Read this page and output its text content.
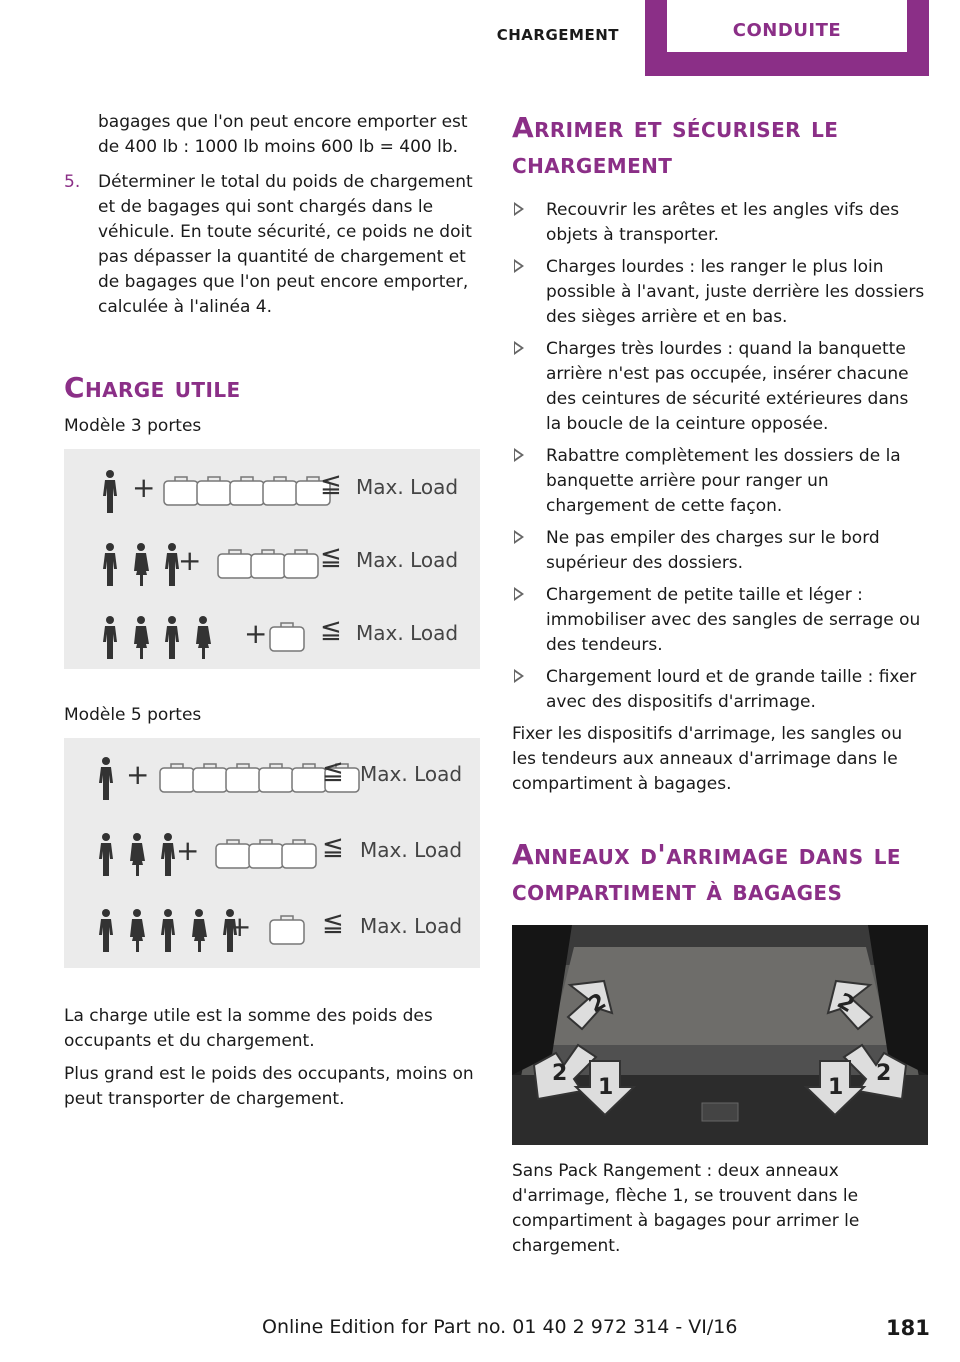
CHARGEMENT	CONDUITE

bagages que l'on peut encore emporter est de 400 lb : 1000 lb moins 600 lb = 400 lb.

5. Déterminer le total du poids de chargement et de bagages qui sont chargés dans le véhicule. En toute sécurité, ce poids ne doit pas dépasser la quantité de chargement et de bagages que l'on peut encore emporter, calculée à l'alinéa 4.
Charge utile

Modèle 3 portes

+
	≦ Max. Load

+
	≦ Max. Load

+ ≦ Max. Load

Modèle 5 portes

+
	≦ Max. Load

+
	≦ Max. Load

+	≦ Max. Load

La charge utile est la somme des poids des occupants et du chargement.

Plus grand est le poids des occupants, moins on peut transporter de chargement.

Arrimer et sécuriser le chargement
Recouvrir les arêtes et les angles vifs des objets à transporter.
Charges lourdes : les ranger le plus loin possible à l'avant, juste derrière les dossiers des sièges arrière et en bas.
Charges très lourdes : quand la banquette arrière n'est pas occupée, insérer chacune des ceintures de sécurité extérieures dans la boucle de la ceinture opposée.
Rabattre complètement les dossiers de la banquette arrière pour ranger un chargement de cette façon.
Ne pas empiler des charges sur le bord supérieur des dossiers.
Chargement de petite taille et léger : immobiliser avec des sangles de serrage ou des tendeurs.
Chargement lourd et de grande taille : fixer avec des dispositifs d'arrimage.

Fixer les dispositifs d'arrimage, les sangles ou les tendeurs aux anneaux d'arrimage dans le compartiment à bagages.

Anneaux d'arrimage dans le compartiment à bagages
2	2
2	2
1	1

Sans Pack Rangement : deux anneaux d'arrimage, flèche 1, se trouvent dans le compartiment à bagages pour arrimer le chargement.

Online Edition for Part no. 01 40 2 972 314 - VI/16	181
